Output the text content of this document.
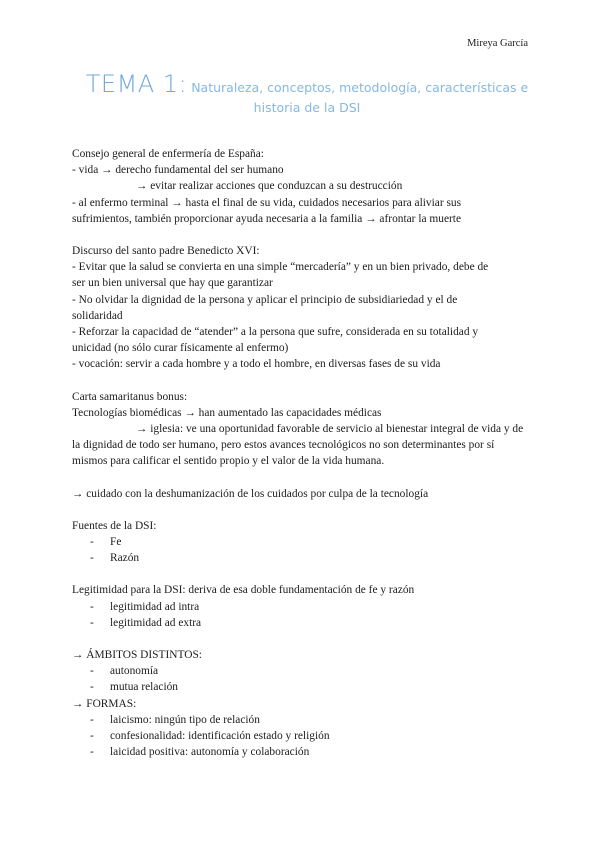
Mireya García
TEMA 1: Naturaleza, conceptos, metodología, características e
historia de la DSI

Consejo general de enfermería de España:

- vida → derecho fundamental del ser humano

→ evitar realizar acciones que conduzcan a su destrucción

- al enfermo terminal → hasta el final de su vida, cuidados necesarios para aliviar sus

sufrimientos, también proporcionar ayuda necesaria a la familia → afrontar la muerte

Discurso del santo padre Benedicto XVI:

- Evitar que la salud se convierta en una simple “mercadería” y en un bien privado, debe de

ser un bien universal que hay que garantizar

- No olvidar la dignidad de la persona y aplicar el principio de subsidiariedad y el de

solidaridad

- Reforzar la capacidad de “atender” a la persona que sufre, considerada en su totalidad y

unicidad (no sólo curar físicamente al enfermo)

- vocación: servir a cada hombre y a todo el hombre, en diversas fases de su vida

Carta samaritanus bonus:

Tecnologías biomédicas → han aumentado las capacidades médicas

→ iglesia: ve una oportunidad favorable de servicio al bienestar integral de vida y de

la dignidad de todo ser humano, pero estos avances tecnológicos no son determinantes por sí

mismos para calificar el sentido propio y el valor de la vida humana.

→ cuidado con la deshumanización de los cuidados por culpa de la tecnología

Fuentes de la DSI:

- Fe

- Razón

Legitimidad para la DSI: deriva de esa doble fundamentación de fe y razón

- legitimidad ad intra

- legitimidad ad extra

→ ÁMBITOS DISTINTOS:

- autonomía

- mutua relación

→ FORMAS:

- laicismo: ningún tipo de relación

- confesionalidad: identificación estado y religión

- laicidad positiva: autonomía y colaboración
